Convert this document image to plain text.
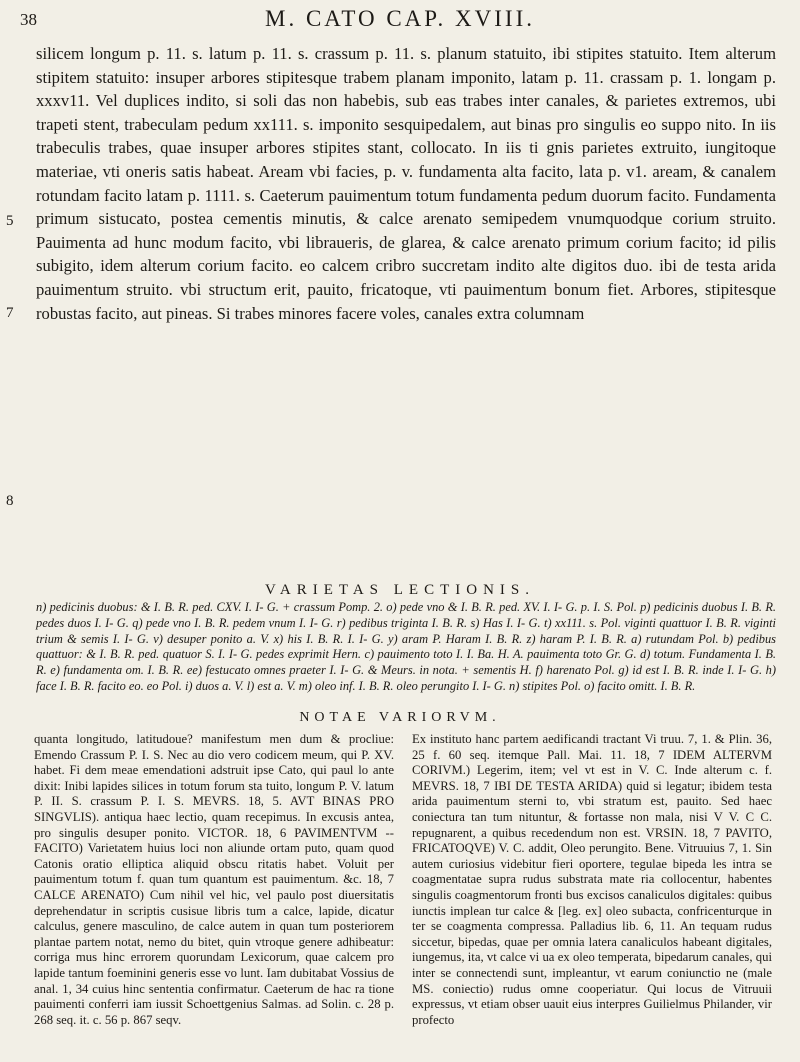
38	M. CATO CAP. XVIII.
5
7
8

silicem longum p. 11. s. latum p. 11. s. crassum p. 11. s. planum statuito, ibi stipites statuito. Item alterum stipitem statuito: insuper arbores stipitesque trabem planam imponito, latam p. 11. crassam p. 1. longam p. xxxv11. Vel duplices indito, si soli das non habebis, sub eas trabes inter canales, & parietes extremos, ubi trapeti stent, trabeculam pedum xx111. s. imponito sesquipedalem, aut binas pro singulis eo suppo nito. In iis trabeculis trabes, quae insuper arbores stipites stant, collocato. In iis ti gnis parietes extruito, iungitoque materiae, vti oneris satis habeat. Aream vbi facies, p. v. fundamenta alta facito, lata p. v1. aream, & canalem rotundam facito latam p. 1111. s. Caeterum pauimentum totum fundamenta pedum duorum facito. Fundamenta primum sistucato, postea cementis minutis, & calce arenato semipedem vnumquodque corium struito. Pauimenta ad hunc modum facito, vbi libraueris, de glarea, & calce arenato primum corium facito; id pilis subigito, idem alterum corium facito. eo calcem cribro succretam indito alte digitos duo. ibi de testa arida pauimentum struito. vbi structum erit, pauito, fricatoque, vti pauimentum bonum fiet. Arbores, stipitesque robustas facito, aut pineas. Si trabes minores facere voles, canales extra columnam

VARIETAS LECTIONIS.
n) pedicinis duobus: & I. B. R. ped. CXV. I. I- G. + crassum Pomp. 2. o) pede vno & I. B. R. ped. XV. I. I- G. p. I. S. Pol. p) pedicinis duobus I. B. R. pedes duos I. I- G. q) pede vno I. B. R. pedem vnum I. I- G. r) pedibus triginta I. B. R. s) Has I. I- G. t) xx111. s. Pol. viginti quattuor I. B. R. viginti trium & semis I. I- G. v) desuper ponito a. V. x) his I. B. R. I. I- G. y) aram P. Haram I. B. R. z) haram P. I. B. R. a) rutundam Pol. b) pedibus quattuor: & I. B. R. ped. quatuor S. I. I- G. pedes exprimit Hern. c) pauimento toto I. I. Ba. H. A. pauimenta toto Gr. G. d) totum. Fundamenta I. B. R. e) fundamenta om. I. B. R. ee) festucato omnes praeter I. I- G. & Meurs. in nota. + sementis H. f) harenato Pol. g) id est I. B. R. inde I. I- G. h) face I. B. R. facito eo. eo Pol. i) duos a. V. l) est a. V. m) oleo inf. I. B. R. oleo perungito I. I- G. n) stipites Pol. o) facito omitt. I. B. R.
NOTAE VARIORVM.

quanta longitudo, latitudoue? manifestum men dum & procliue: Emendo Crassum P. I. S. Nec au dio vero codicem meum, qui P. XV. habet. Fi dem meae emendationi adstruit ipse Cato, qui paul lo ante dixit: Inibi lapides silices in totum forum sta tuito, longum P. V. latum P. II. S. crassum P. I. S. MEVRS. 18, 5. AVT BINAS PRO SINGVLIS). antiqua haec lectio, quam recepimus. In excusis antea, pro singulis desuper ponito. VICTOR. 18, 6 PAVIMENTVM -- FACITO) Varietatem huius loci non aliunde ortam puto, quam quod Catonis oratio elliptica aliquid obscu ritatis habet. Voluit per pauimentum totum f. quan tum quantum est pauimentum. &c. 18, 7 CALCE ARENATO) Cum nihil vel hic, vel paulo post diuersitatis deprehendatur in scriptis cusisue libris tum a calce, lapide, dicatur calculus, genere masculino, de calce autem in quan tum posteriorem plantae partem notat, nemo du bitet, quin vtroque genere adhibeatur: corriga mus hinc errorem quorundam Lexicorum, quae calcem pro lapide tantum foeminini generis esse vo lunt. Iam dubitabat Vossius de anal. 1, 34 cuius hinc sententia confirmatur. Caeterum de hac ra tione pauimenti conferri iam iussit Schoettgenius Salmas. ad Solin. c. 28 p. 268 seq. it. c. 56 p. 867 seqv.

Ex instituto hanc partem aedificandi tractant Vi truu. 7, 1. & Plin. 36, 25 f. 60 seq. itemque Pall. Mai. 11. 18, 7 IDEM ALTERVM CORIVM.) Legerim, item; vel vt est in V. C. Inde alterum c. f. MEVRS. 18, 7 IBI DE TESTA ARIDA) quid si legatur; ibidem testa arida pauimentum sterni to, vbi stratum est, pauito. Sed haec coniectura tan tum nituntur, & fortasse non mala, nisi V V. C C. repugnarent, a quibus recedendum non est. VRSIN. 18, 7 PAVITO, FRICATOQVE) V. C. addit, Oleo perungito. Bene. Vitruuius 7, 1. Sin autem curiosius videbitur fieri oportere, tegulae bipeda les intra se coagmentatae supra rudus substrata mate ria collocentur, habentes singulis coagmentorum fronti bus excisos canaliculos digitales: quibus iunctis implean tur calce & [leg. ex] oleo subacta, confricenturque in ter se coagmenta compressa. Palladius lib. 6, 11. An tequam rudus siccetur, bipedas, quae per omnia latera canaliculos habeant digitales, iungemus, ita, vt calce vi ua ex oleo temperata, bipedarum canales, qui inter se connectendi sunt, impleantur, vt earum coniunctio ne (male MS. coniectio) rudus omne cooperiatur. Qui locus de Vitruuii expressus, vt etiam obser uauit eius interpres Guilielmus Philander, vir profecto
